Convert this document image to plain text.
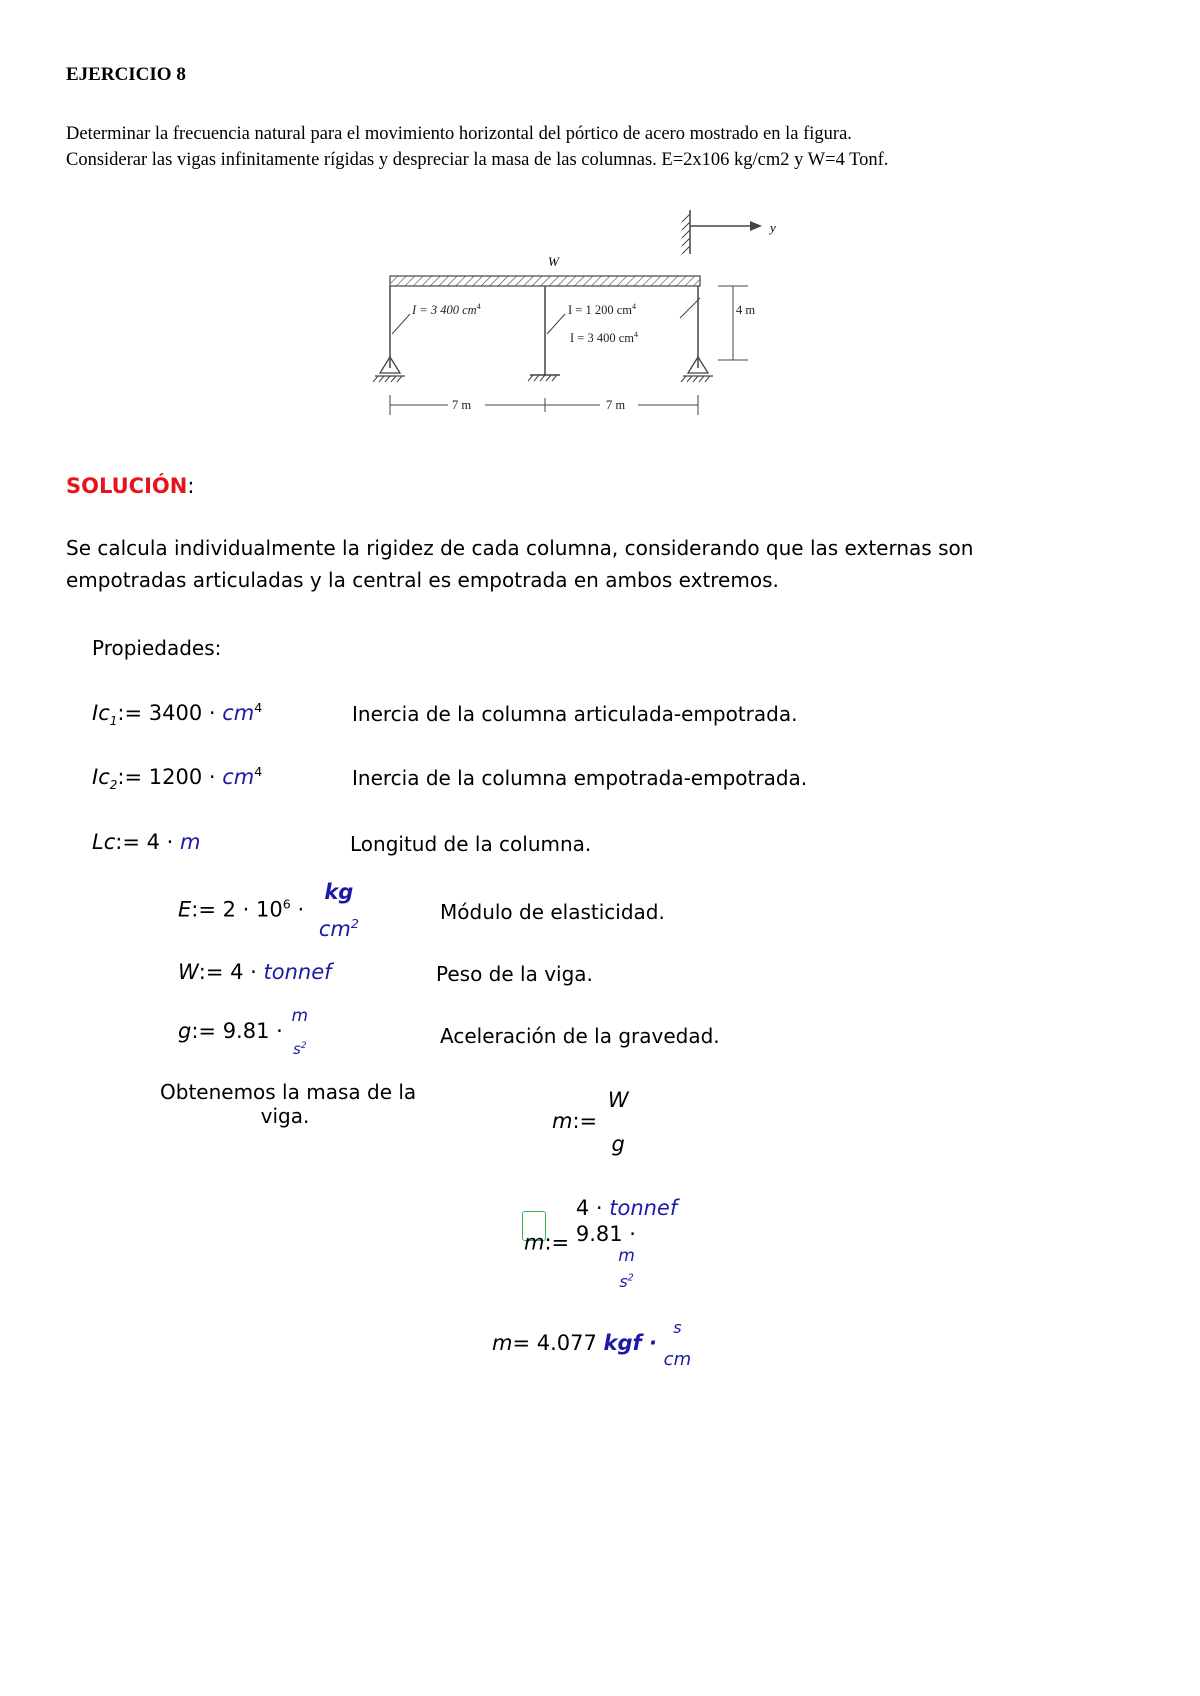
EJERCICIO 8
Determinar la frecuencia natural para el movimiento horizontal del pórtico de acero mostrado en la figura.
Considerar las vigas infinitamente rígidas y despreciar la masa de las columnas. E=2x106 kg/cm2 y W=4 Tonf.
W
y
I = 3 400 $cm^4$	I = 1 200 $cm^4$
I = 3 400 $cm^4$
4 m
7 m	7 m
SOLUCIÓN:
Se calcula individualmente la rigidez de cada columna, considerando que las externas son
empotradas articuladas y la central es empotrada en ambos extremos.
Propiedades:
$Ic_1:= 3400 \cdot cm^4$	Inercia de la columna articulada-empotrada.
$Ic_2:= 1200 \cdot cm^4$	Inercia de la columna empotrada-empotrada.
Lc:= 4 · m	Longitud de la columna.
E:= $2 \cdot 10^6$ ·
kg
$cm^2$	Módulo de elasticidad.
W:= 4 · tonnef	Peso de la viga.
g:= 9.81 ·
m
$s^2$	Aceleración de la gravedad.
Obtenemos la masa de la
viga.	m:=
W
g
m:=
4 · tonnef
9.81 ·
m
$s^2$
m= 4.077 kgf ·
s
cm
